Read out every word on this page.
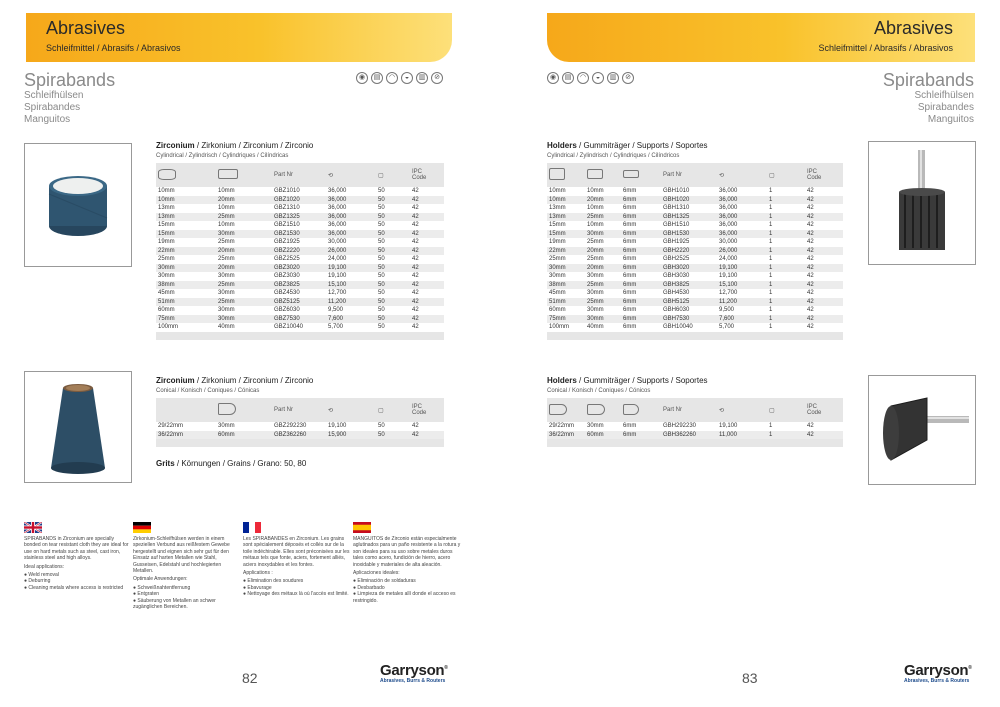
Abrasives
Schleifmittel / Abrasifs / Abrasivos
Spirabands
Schleifhülsen
Spirabandes
Manguitos
◉	▤	◠	◒	▥	⊘
Zirconium / Zirkonium / Zirconium / Zirconio
Cylindrical / Zylindrisch / Cylindriques / Cilíndricas
		Part Nr	⟲	▢	IPC
Code
10mm	10mm	GBZ1010	36,000	50	42
10mm	20mm	GBZ1020	36,000	50	42
13mm	10mm	GBZ1310	36,000	50	42
13mm	25mm	GBZ1325	36,000	50	42
15mm	10mm	GBZ1510	36,000	50	42
15mm	30mm	GBZ1530	36,000	50	42
19mm	25mm	GBZ1925	30,000	50	42
22mm	20mm	GBZ2220	26,000	50	42
25mm	25mm	GBZ2525	24,000	50	42
30mm	20mm	GBZ3020	19,100	50	42
30mm	30mm	GBZ3030	19,100	50	42
38mm	25mm	GBZ3825	15,100	50	42
45mm	30mm	GBZ4530	12,700	50	42
51mm	25mm	GBZ5125	11,200	50	42
60mm	30mm	GBZ6030	9,500	50	42
75mm	30mm	GBZ7530	7,600	50	42
100mm	40mm	GBZ10040	5,700	50	42

Zirconium / Zirkonium / Zirconium / Zirconio
Conical / Konisch / Coniques / Cónicas
		Part Nr	⟲	▢	IPC
Code
29/22mm	30mm	GBZ292230	19,100	50	42
36/22mm	60mm	GBZ362260	15,900	50	42

Grits / Körnungen / Grains / Grano: 50, 80

SPIRABANDS in Zirconium are specially bonded on tear resistant cloth they are ideal for use on hard metals such as steel, cast iron, stainless steel and high alloys.

Ideal applications:

● Weld removal
● Deburring
● Cleaning metals where access is restricted

Zirkonium-Schleifhülsen werden in einem speziellen Verbund aus reißfestem Gewebe hergestellt und eignen sich sehr gut für den Einsatz auf harten Metallen wie Stahl, Gusseisen, Edelstahl und hochlegierten Metallen.

Optimale Anwendungen:

● Schweißnahtentfernung
● Entgraten
● Säuberung von Metallen an schwer zugänglichen Bereichen.

Les SPIRABANDES en Zirconium. Les grains sont spécialement déposés et collés sur de la toile indéchirable. Elles sont préconisées sur les métaux tels que fonte, aciers, fortement alliés, aciers inoxydables et les fontes.

Applications :

● Elimination des soudures
● Ebavurage
● Nettoyage des métaux là où l'accès est limité.

MANGUITOS de Zirconio están especialmente aglutinados para un paño resistente a la rotura y son ideales para su uso sobre metales duros tales como acero, fundición de hierro, acero inoxidable y materiales de alta aleación.

Aplicaciones ideales:

● Eliminación de soldaduras
● Desbarbado
● Limpieza de metales allí donde el acceso es restringido.
82	Garryson®
Abrasives, Burrs & Routers
Abrasives
Schleifmittel / Abrasifs / Abrasivos
Spirabands
Schleifhülsen
Spirabandes
Manguitos
◉	▤	◠	◒	▥	⊘
Holders / Gummiträger / Supports / Soportes
Cylindrical / Zylindrisch / Cylindriques / Cilíndricos
			Part Nr	⟲	▢	IPC
Code
10mm	10mm	6mm	GBH1010	36,000	1	42
10mm	20mm	6mm	GBH1020	36,000	1	42
13mm	10mm	6mm	GBH1310	36,000	1	42
13mm	25mm	6mm	GBH1325	36,000	1	42
15mm	10mm	6mm	GBH1510	36,000	1	42
15mm	30mm	6mm	GBH1530	36,000	1	42
19mm	25mm	6mm	GBH1925	30,000	1	42
22mm	20mm	6mm	GBH2220	26,000	1	42
25mm	25mm	6mm	GBH2525	24,000	1	42
30mm	20mm	6mm	GBH3020	19,100	1	42
30mm	30mm	6mm	GBH3030	19,100	1	42
38mm	25mm	6mm	GBH3825	15,100	1	42
45mm	30mm	6mm	GBH4530	12,700	1	42
51mm	25mm	6mm	GBH5125	11,200	1	42
60mm	30mm	6mm	GBH6030	9,500	1	42
75mm	30mm	6mm	GBH7530	7,600	1	42
100mm	40mm	6mm	GBH10040	5,700	1	42

Holders / Gummiträger / Supports / Soportes
Conical / Konisch / Coniques / Cónicos
			Part Nr	⟲	▢	IPC
Code
29/22mm	30mm	6mm	GBH292230	19,100	1	42
36/22mm	60mm	6mm	GBH362260	11,000	1	42

83	Garryson®
Abrasives, Burrs & Routers
